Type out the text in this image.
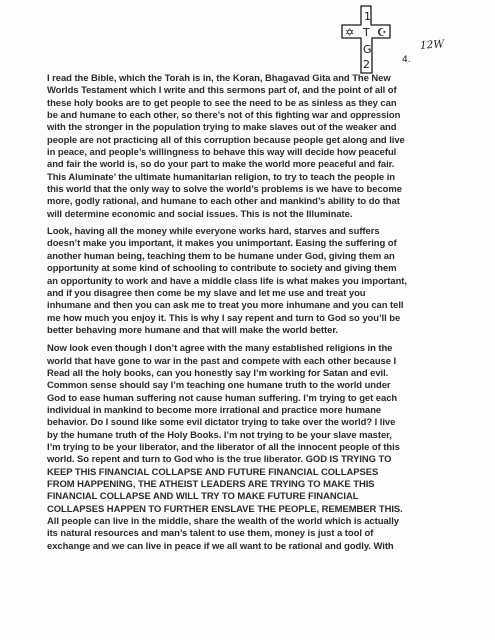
1
✡ T ☪
G
2
12W
4.
I read the Bible, which the Torah is in, the Koran, Bhagavad Gita and The New
Worlds Testament which I write and this sermons part of, and the point of all of
these holy books are to get people to see the need to be as sinless as they can
be and humane to each other, so there’s not of this fighting war and oppression
with the stronger in the population trying to make slaves out of the weaker and
people are not practicing all of this corruption because people get along and live
in peace, and people’s willingness to behave this way will decide how peaceful
and fair the world is, so do your part to make the world more peaceful and fair.
This Aluminate’ the ultimate humanitarian religion, to try to teach the people in
this world that the only way to solve the world’s problems is we have to become
more, godly rational, and humane to each other and mankind’s ability to do that
will determine economic and social issues. This is not the Illuminate.
Look, having all the money while everyone works hard, starves and suffers
doesn’t make you important, it makes you unimportant. Easing the suffering of
another human being, teaching them to be humane under God, giving them an
opportunity at some kind of schooling to contribute to society and giving them
an opportunity to work and have a middle class life is what makes you important,
and if you disagree then come be my slave and let me use and treat you
inhumane and then you can ask me to treat you more inhumane and you can tell
me how much you enjoy it. This is why I say repent and turn to God so you’ll be
better behaving more humane and that will make the world better.
Now look even though I don’t agree with the many established religions in the
world that have gone to war in the past and compete with each other because I
Read all the holy books, can you honestly say I’m working for Satan and evil.
Common sense should say I’m teaching one humane truth to the world under
God to ease human suffering not cause human suffering. I’m trying to get each
individual in mankind to become more irrational and practice more humane
behavior. Do I sound like some evil dictator trying to take over the world? I live
by the humane truth of the Holy Books. I’m not trying to be your slave master,
I’m trying to be your liberator, and the liberator of all the innocent people of this
world. So repent and turn to God who is the true liberator. GOD IS TRYING TO
KEEP THIS FINANCIAL COLLAPSE AND FUTURE FINANCIAL COLLAPSES
FROM HAPPENING, THE ATHEIST LEADERS ARE TRYING TO MAKE THIS
FINANCIAL COLLAPSE AND WILL TRY TO MAKE FUTURE FINANCIAL
COLLAPSES HAPPEN TO FURTHER ENSLAVE THE PEOPLE, REMEMBER THIS.
All people can live in the middle, share the wealth of the world which is actually
its natural resources and man’s talent to use them, money is just a tool of
exchange and we can live in peace if we all want to be rational and godly. With
